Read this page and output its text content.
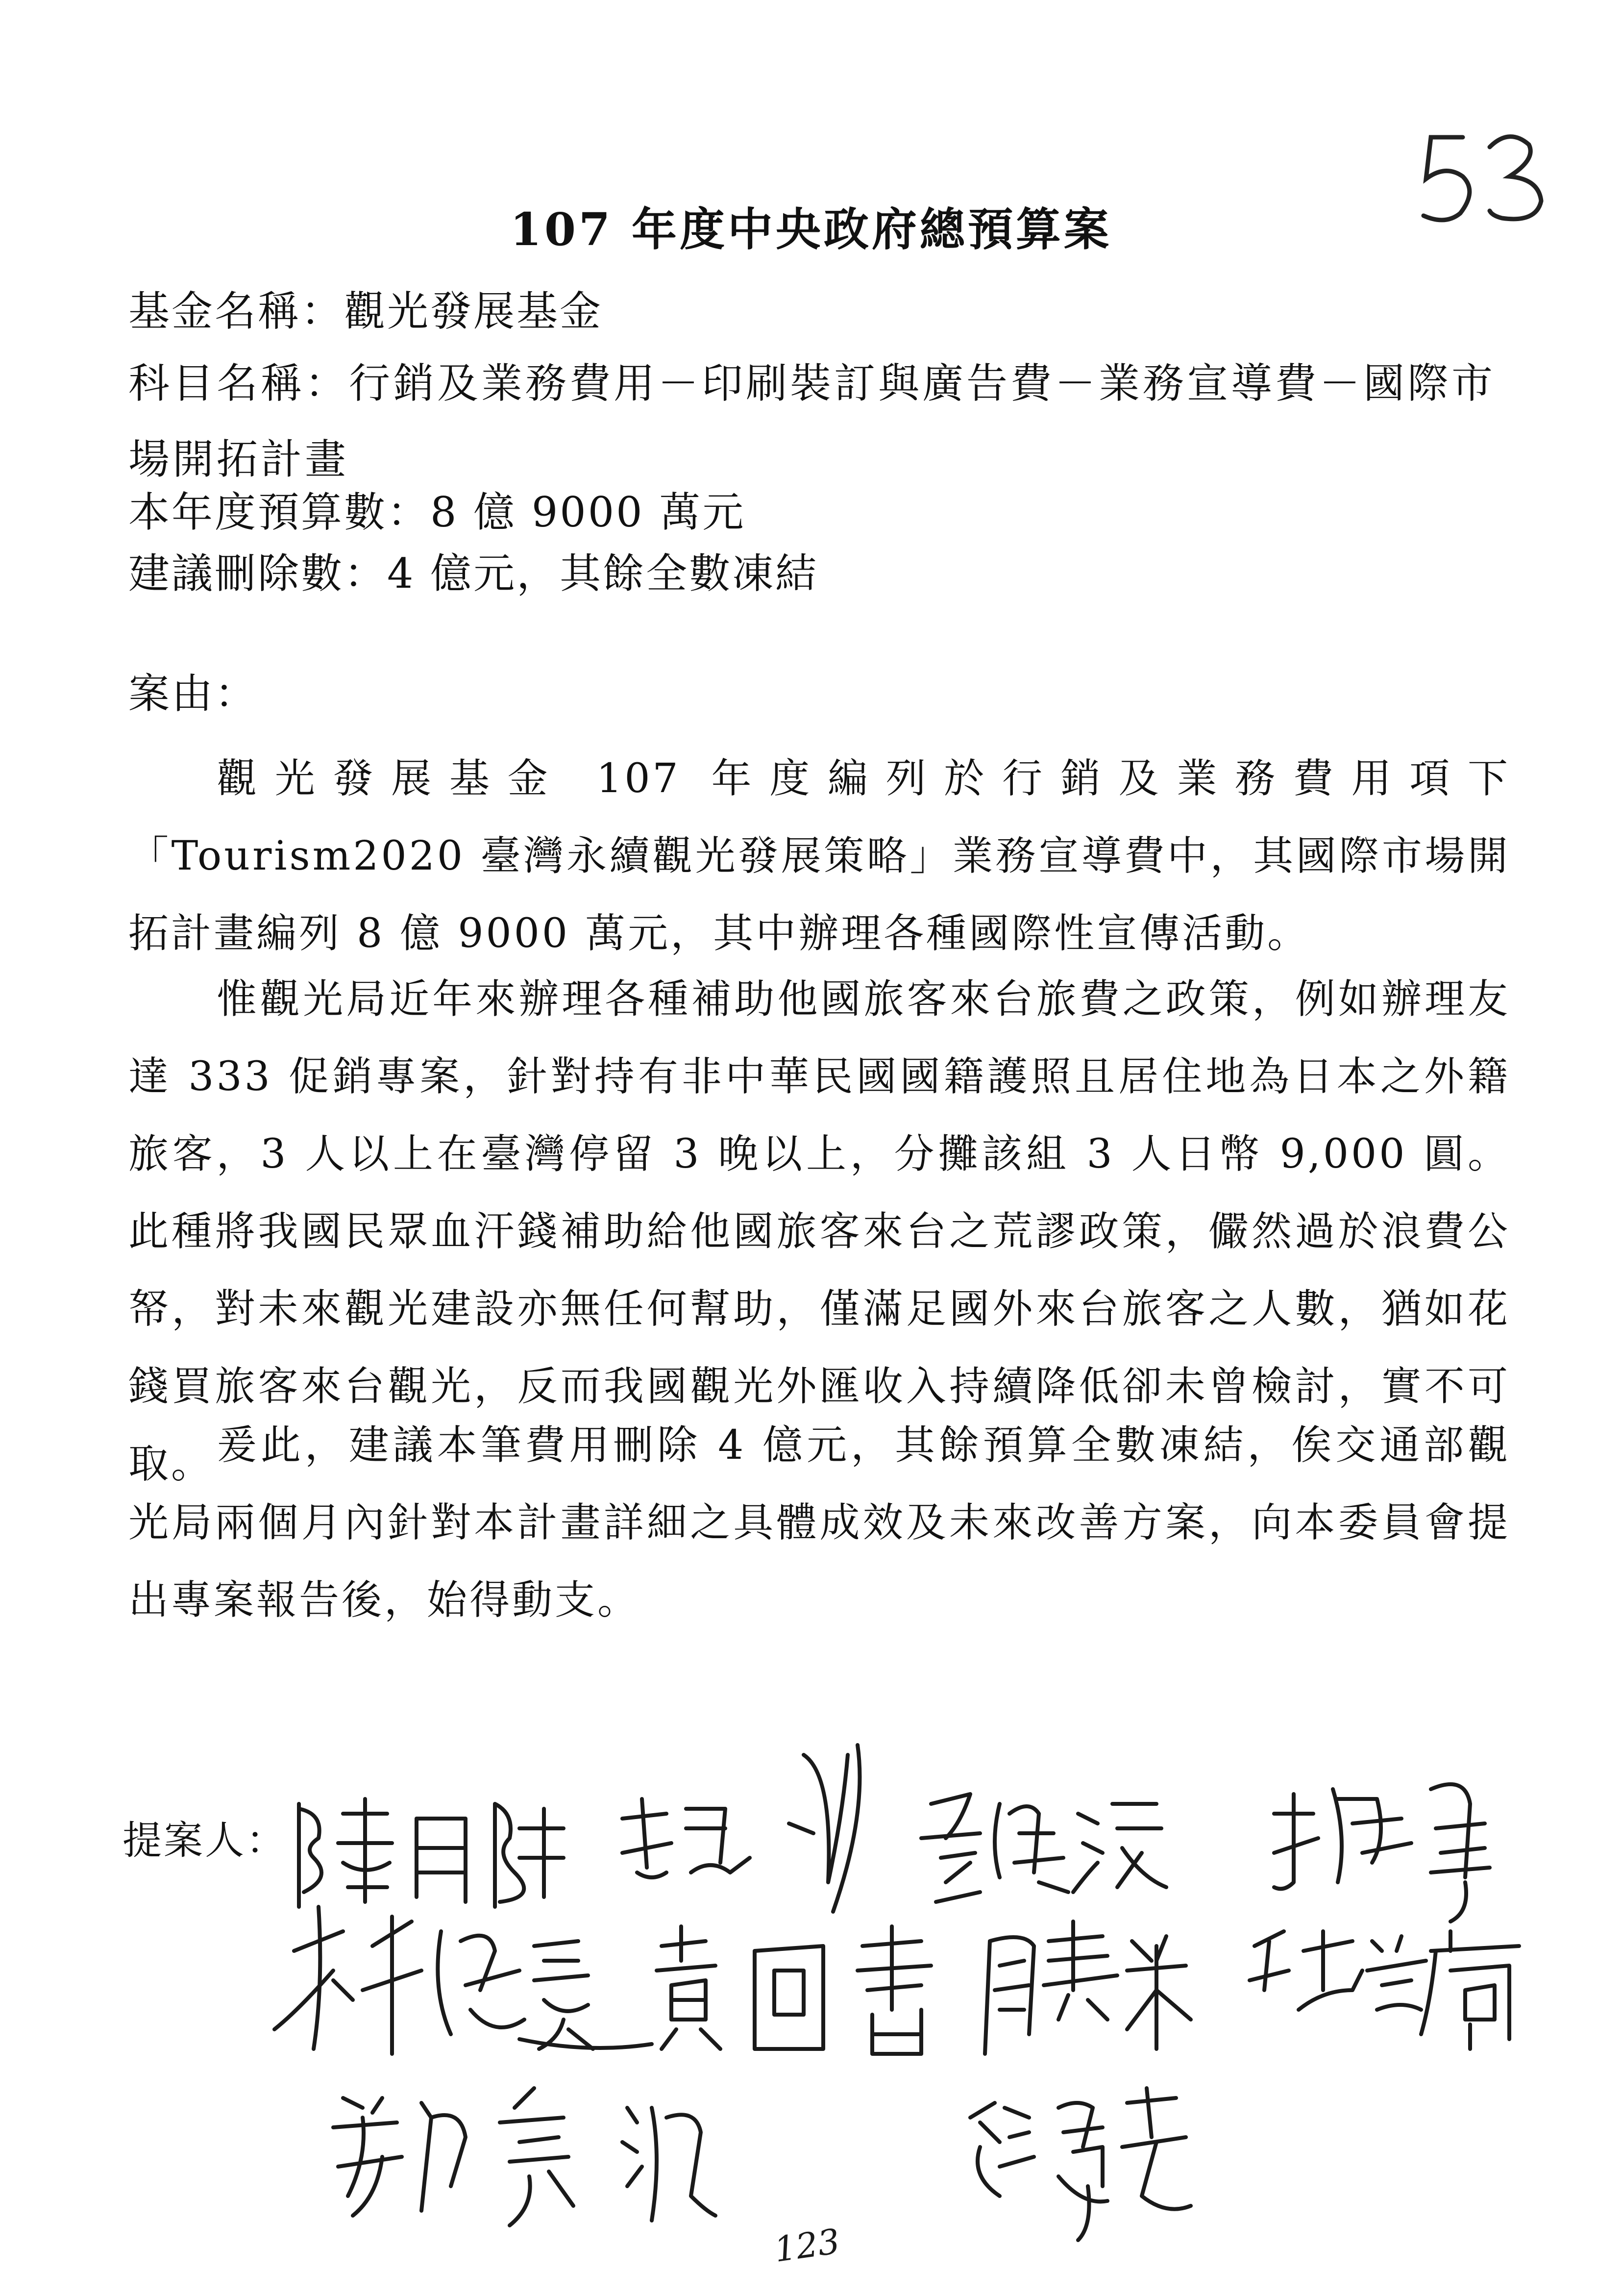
107 年度中央政府總預算案
基金名稱：觀光發展基金
科目名稱：行銷及業務費用－印刷裝訂與廣告費－業務宣導費－國際市場開拓計畫
本年度預算數：8 億 9000 萬元
建議刪除數：4 億元，其餘全數凍結
案由：
觀光發展基金 107 年度編列於行銷及業務費用項下「Tourism2020 臺灣永續觀光發展策略」業務宣導費中，其國際市場開拓計畫編列 8 億 9000 萬元，其中辦理各種國際性宣傳活動。
惟觀光局近年來辦理各種補助他國旅客來台旅費之政策，例如辦理友達 333 促銷專案，針對持有非中華民國國籍護照且居住地為日本之外籍旅客，3 人以上在臺灣停留 3 晚以上，分攤該組 3 人日幣 9,000 圓。此種將我國民眾血汗錢補助給他國旅客來台之荒謬政策，儼然過於浪費公帑，對未來觀光建設亦無任何幫助，僅滿足國外來台旅客之人數，猶如花錢買旅客來台觀光，反而我國觀光外匯收入持續降低卻未曾檢討，實不可取。 爰此，建議本筆費用刪除 4 億元，其餘預算全數凍結，俟交通部觀光局兩個月內針對本計畫詳細之具體成效及未來改善方案，向本委員會提出專案報告後，始得動支。
提案人：
123
